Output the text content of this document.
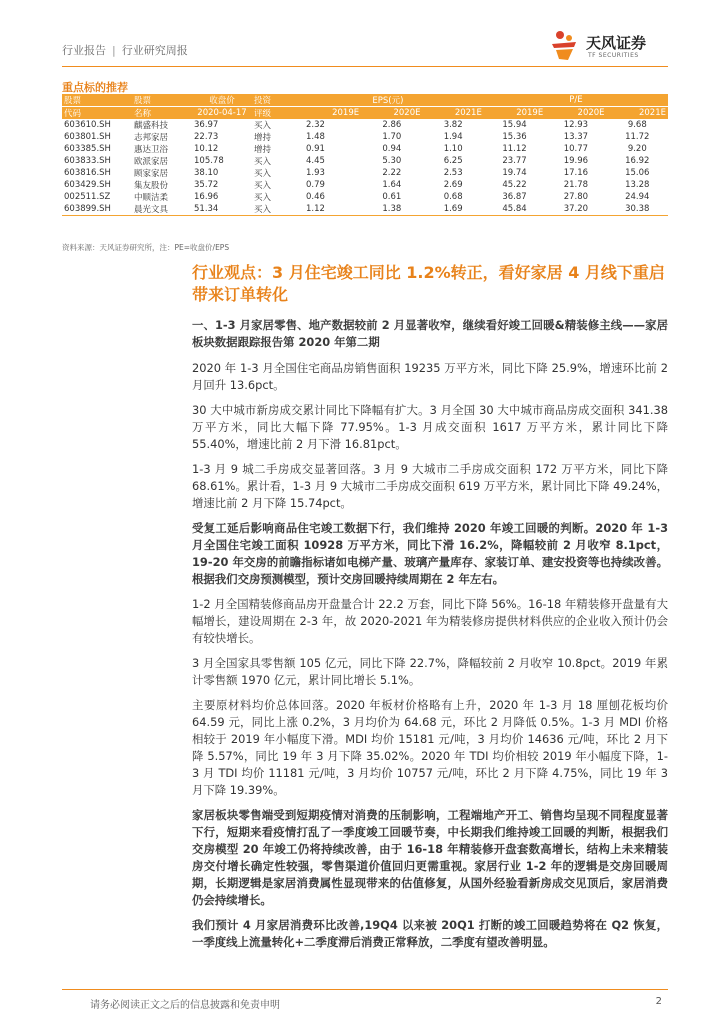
行业报告 | 行业研究周报	天风证券
TF SECURITIES
重点标的推荐
股票	股票	收盘价	投资	EPS(元)			P/E		
代码	名称	2020-04-17	评级	2019E	2020E	2021E	2019E	2020E	2021E
603610.SH	麒盛科技	36.97	买入	2.32	2.86	3.82	15.94	12.93	9.68
603801.SH	志邦家居	22.73	增持	1.48	1.70	1.94	15.36	13.37	11.72
603385.SH	惠达卫浴	10.12	增持	0.91	0.94	1.10	11.12	10.77	9.20
603833.SH	欧派家居	105.78	买入	4.45	5.30	6.25	23.77	19.96	16.92
603816.SH	顾家家居	38.10	买入	1.93	2.22	2.53	19.74	17.16	15.06
603429.SH	集友股份	35.72	买入	0.79	1.64	2.69	45.22	21.78	13.28
002511.SZ	中顺洁柔	16.96	买入	0.46	0.61	0.68	36.87	27.80	24.94
603899.SH	晨光文具	51.34	买入	1.12	1.38	1.69	45.84	37.20	30.38
资料来源：天风证券研究所，注：PE=收盘价/EPS
行业观点：3 月住宅竣工同比 1.2%转正，看好家居 4 月线下重启带来订单转化

一、1-3 月家居零售、地产数据较前 2 月显著收窄，继续看好竣工回暖&精装修主线——家居板块数据跟踪报告第 2020 年第二期

2020 年 1-3 月全国住宅商品房销售面积 19235 万平方米，同比下降 25.9%，增速环比前 2 月回升 13.6pct。

30 大中城市新房成交累计同比下降幅有扩大。3 月全国 30 大中城市商品房成交面积 341.38 万平方米，同比大幅下降 77.95%。1-3 月成交面积 1617 万平方米，累计同比下降 55.40%，增速比前 2 月下滑 16.81pct。

1-3 月 9 城二手房成交显著回落。3 月 9 大城市二手房成交面积 172 万平方米，同比下降 68.61%。累计看，1-3 月 9 大城市二手房成交面积 619 万平方米，累计同比下降 49.24%，增速比前 2 月下降 15.74pct。

受复工延后影响商品住宅竣工数据下行，我们维持 2020 年竣工回暖的判断。2020 年 1-3 月全国住宅竣工面积 10928 万平方米，同比下滑 16.2%，降幅较前 2 月收窄 8.1pct，19-20 年交房的前瞻指标诸如电梯产量、玻璃产量库存、家装订单、建安投资等也持续改善。根据我们交房预测模型，预计交房回暖持续周期在 2 年左右。

1-2 月全国精装修商品房开盘量合计 22.2 万套，同比下降 56%。16-18 年精装修开盘量有大幅增长，建设周期在 2-3 年，故 2020-2021 年为精装修房提供材料供应的企业收入预计仍会有较快增长。

3 月全国家具零售额 105 亿元，同比下降 22.7%，降幅较前 2 月收窄 10.8pct。2019 年累计零售额 1970 亿元，累计同比增长 5.1%。

主要原材料均价总体回落。2020 年板材价格略有上升，2020 年 1-3 月 18 厘刨花板均价 64.59 元，同比上涨 0.2%，3 月均价为 64.68 元，环比 2 月降低 0.5%。1-3 月 MDI 价格相较于 2019 年小幅度下滑。MDI 均价 15181 元/吨，3 月均价 14636 元/吨，环比 2 月下降 5.57%，同比 19 年 3 月下降 35.02%。2020 年 TDI 均价相较 2019 年小幅度下降，1-3 月 TDI 均价 11181 元/吨，3 月均价 10757 元/吨，环比 2 月下降 4.75%，同比 19 年 3 月下降 19.39%。

家居板块零售端受到短期疫情对消费的压制影响，工程端地产开工、销售均呈现不同程度显著下行，短期来看疫情打乱了一季度竣工回暖节奏，中长期我们维持竣工回暖的判断，根据我们交房模型 20 年竣工仍将持续改善，由于 16-18 年精装修开盘套数高增长，结构上未来精装房交付增长确定性较强，零售渠道价值回归更需重视。家居行业 1-2 年的逻辑是交房回暖周期，长期逻辑是家居消费属性显现带来的估值修复，从国外经验看新房成交见顶后，家居消费仍会持续增长。

我们预计 4 月家居消费环比改善,19Q4 以来被 20Q1 打断的竣工回暖趋势将在 Q2 恢复，一季度线上流量转化+二季度滞后消费正常释放，二季度有望改善明显。

请务必阅读正文之后的信息披露和免责申明	2
